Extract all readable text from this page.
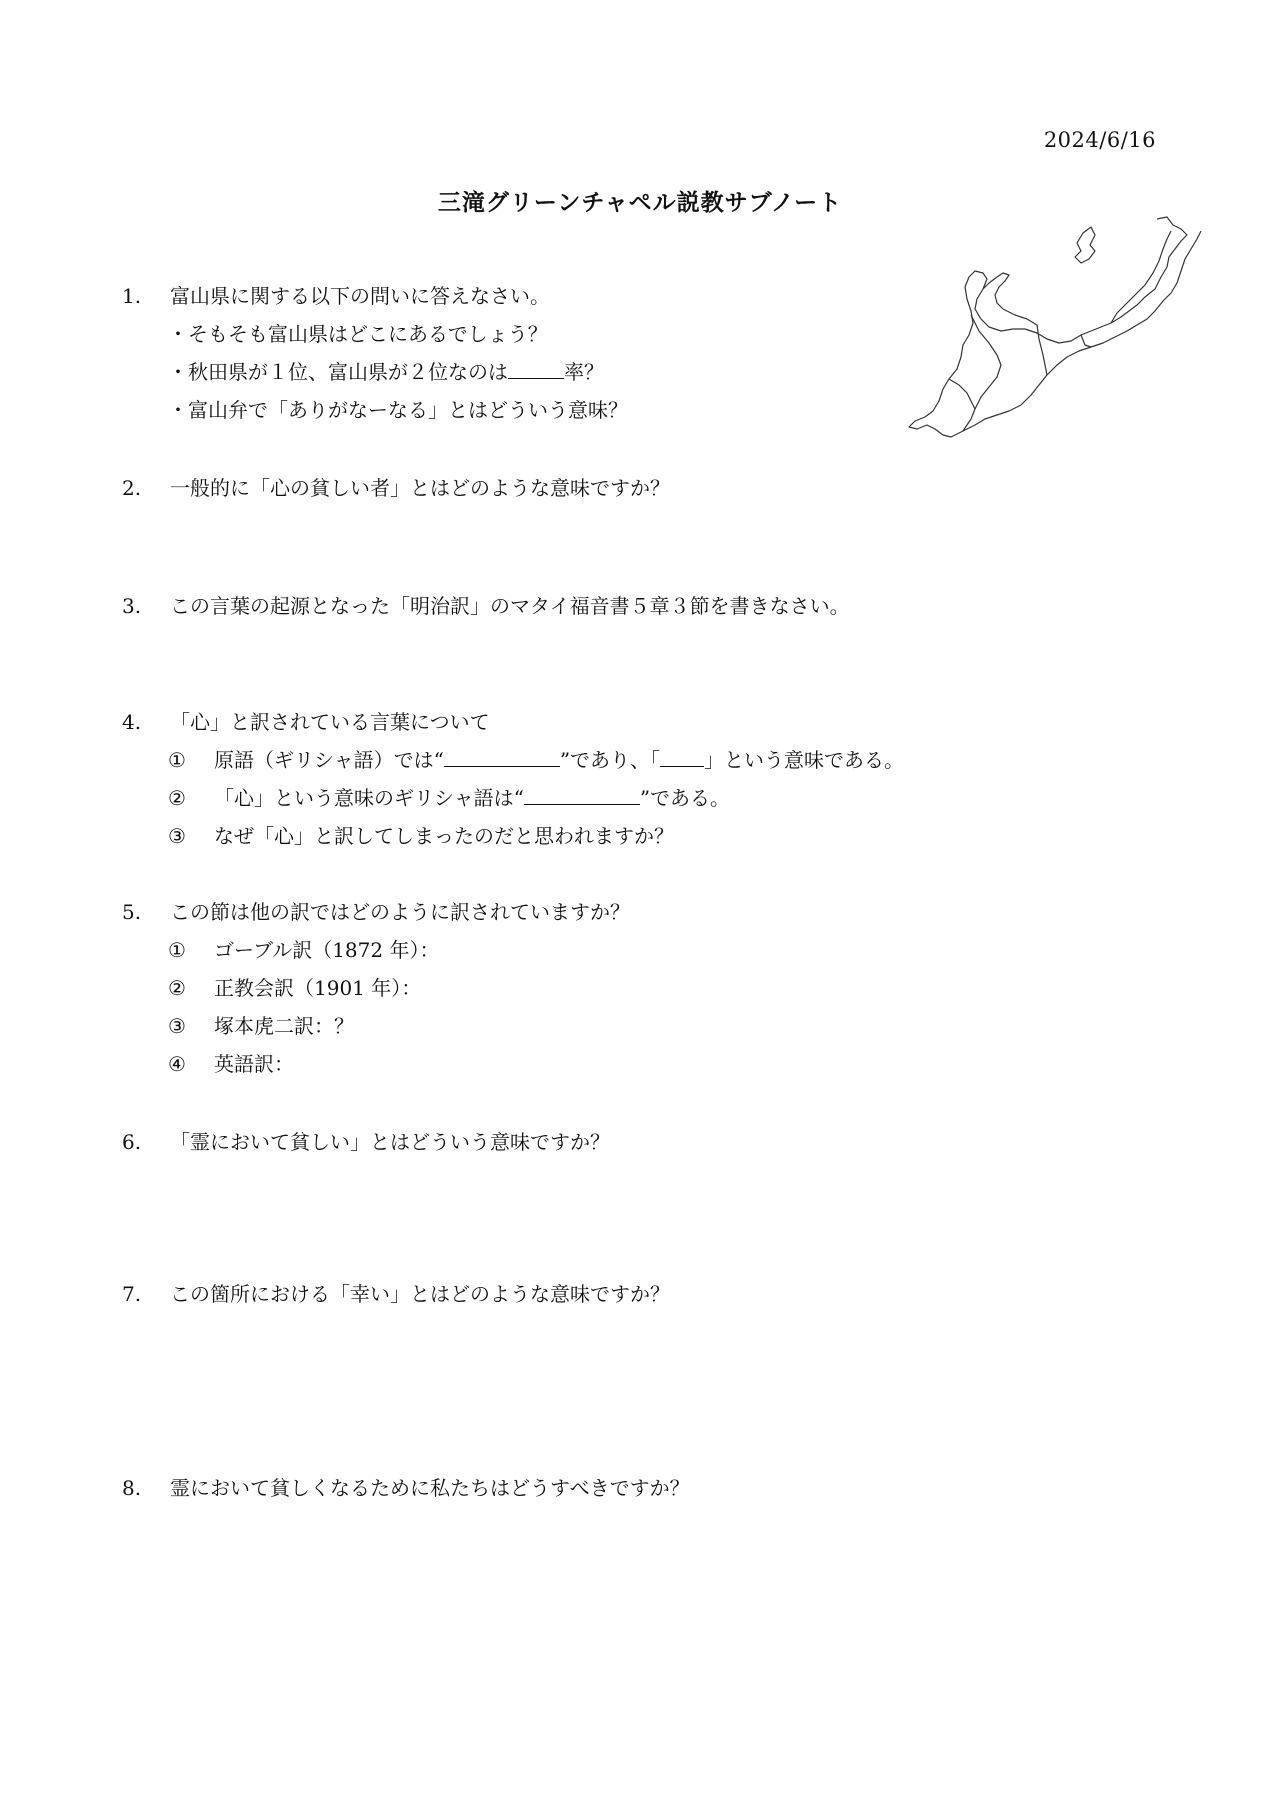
2024/6/16
三滝グリーンチャペル説教サブノート
1. 富山県に関する以下の問いに答えなさい。
・そもそも富山県はどこにあるでしょう？
・秋田県が１位、富山県が２位なのは	率？
・富山弁で「ありがなーなる」とはどういう意味？
2. 一般的に「心の貧しい者」とはどのような意味ですか？
3. この言葉の起源となった「明治訳」のマタイ福音書５章３節を書きなさい。
4. 「心」と訳されている言葉について
① 原語（ギリシャ語）では“	”であり、「 」という意味である。
② 「心」という意味のギリシャ語は“	”である。
③ なぜ「心」と訳してしまったのだと思われますか？
5. この節は他の訳ではどのように訳されていますか？
① ゴーブル訳（1872 年）：
② 正教会訳（1901 年）：
③ 塚本虎二訳：？
④ 英語訳：
6. 「霊において貧しい」とはどういう意味ですか？
7. この箇所における「幸い」とはどのような意味ですか？
8. 霊において貧しくなるために私たちはどうすべきですか？
